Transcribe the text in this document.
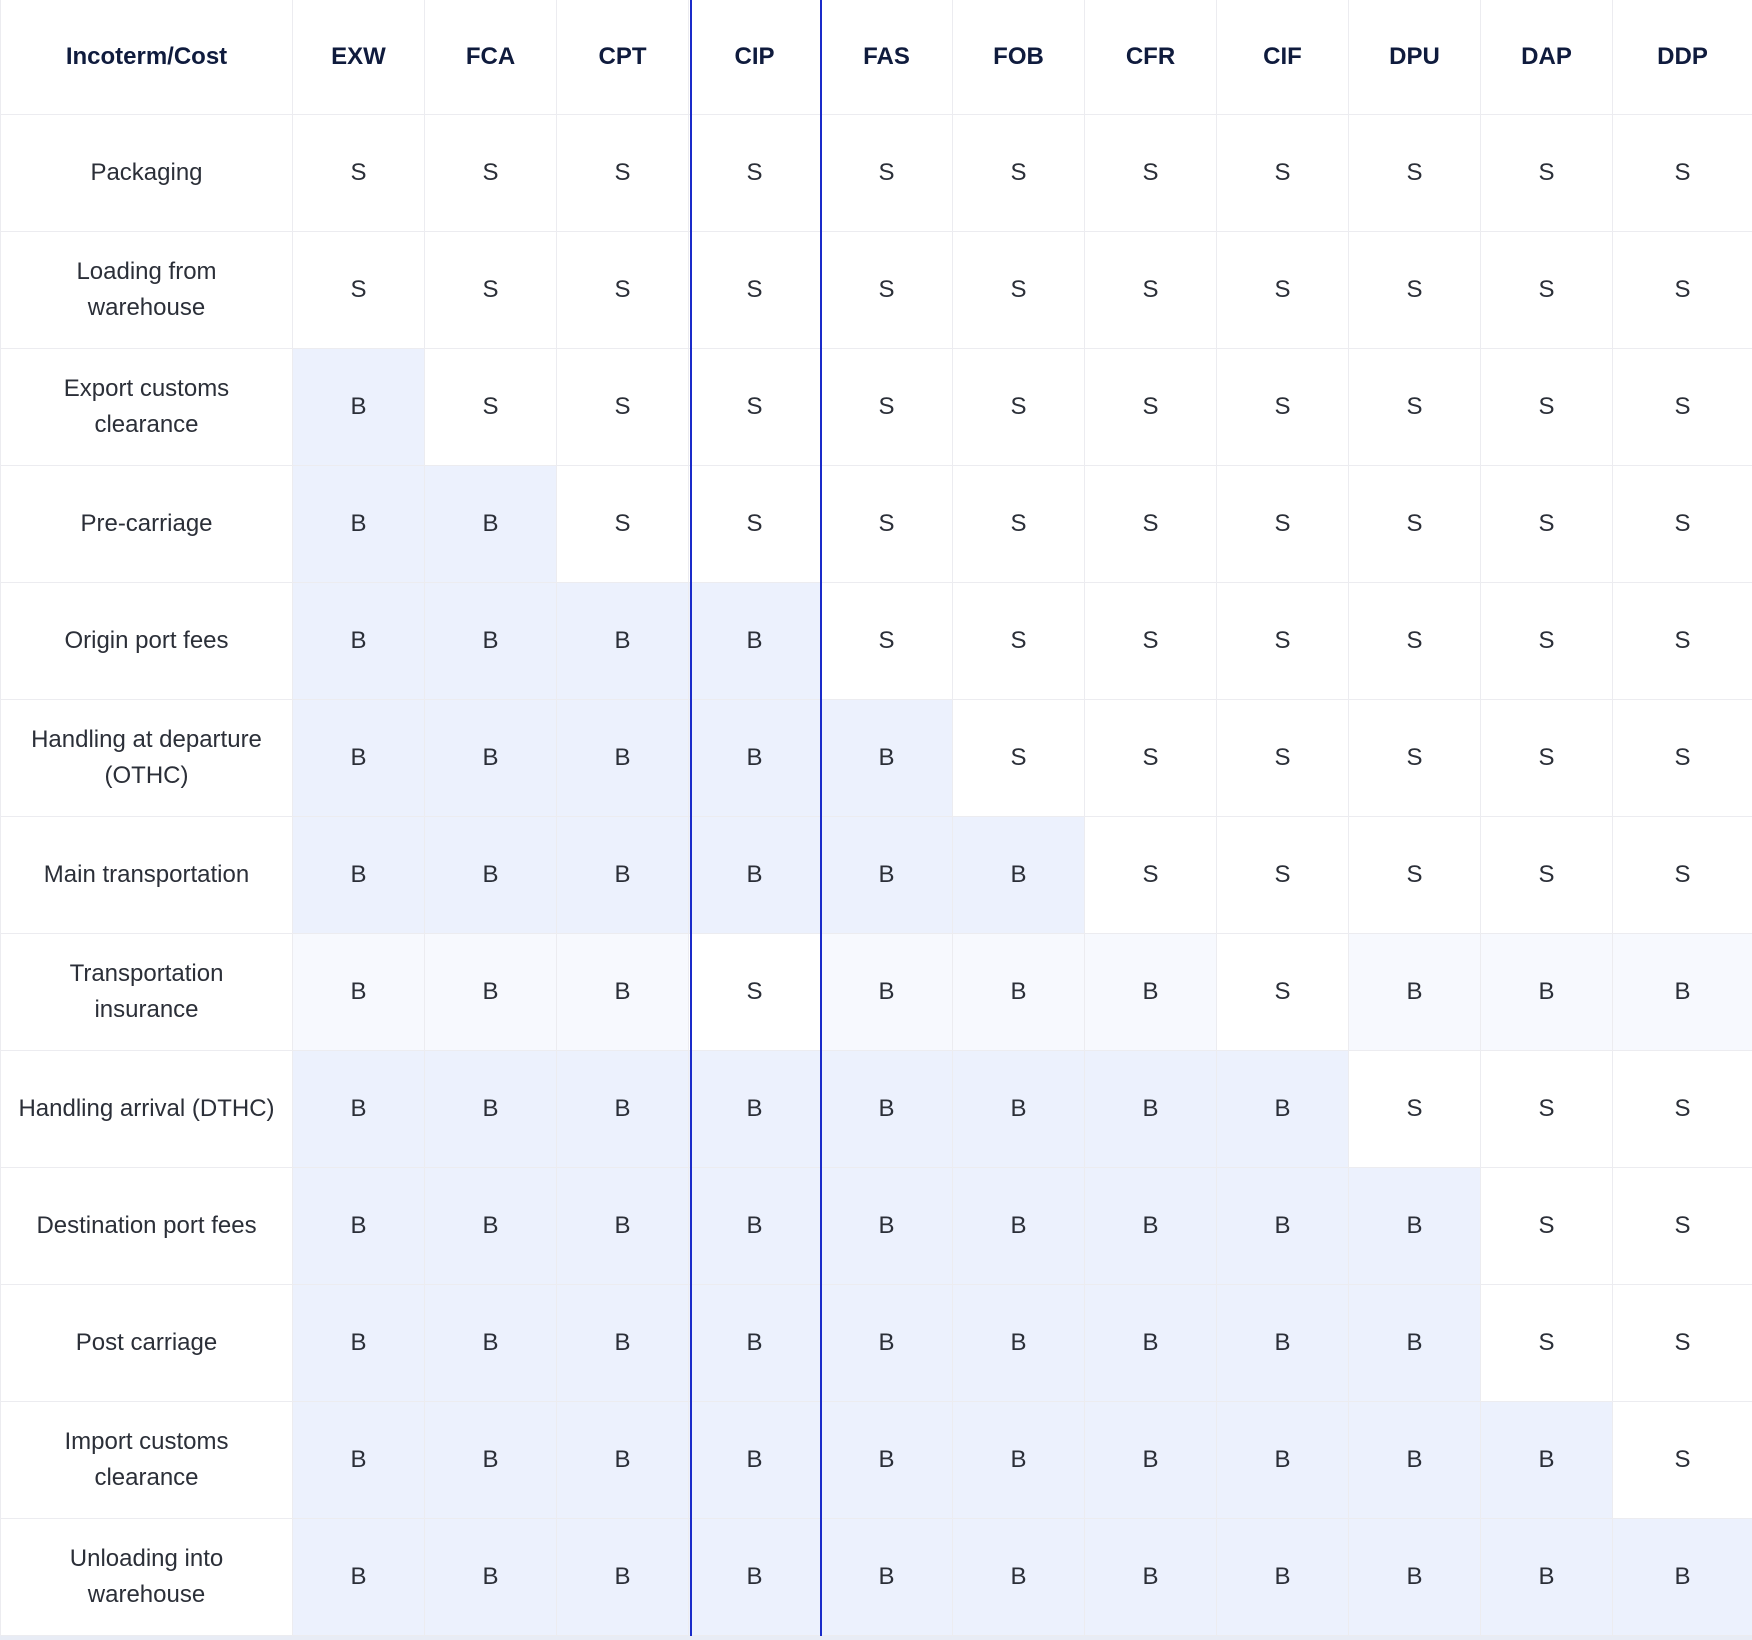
Incoterm/Cost	EXW	FCA	CPT	CIP	FAS	FOB	CFR	CIF	DPU	DAP	DDP
Packaging	S	S	S	S	S	S	S	S	S	S	S
Loading from warehouse	S	S	S	S	S	S	S	S	S	S	S
Export customs clearance	B	S	S	S	S	S	S	S	S	S	S
Pre-carriage	B	B	S	S	S	S	S	S	S	S	S
Origin port fees	B	B	B	B	S	S	S	S	S	S	S
Handling at departure (OTHC)	B	B	B	B	B	S	S	S	S	S	S
Main transportation	B	B	B	B	B	B	S	S	S	S	S
Transportation insurance	B	B	B	S	B	B	B	S	B	B	B
Handling arrival (DTHC)	B	B	B	B	B	B	B	B	S	S	S
Destination port fees	B	B	B	B	B	B	B	B	B	S	S
Post carriage	B	B	B	B	B	B	B	B	B	S	S
Import customs clearance	B	B	B	B	B	B	B	B	B	B	S
Unloading into warehouse	B	B	B	B	B	B	B	B	B	B	B
